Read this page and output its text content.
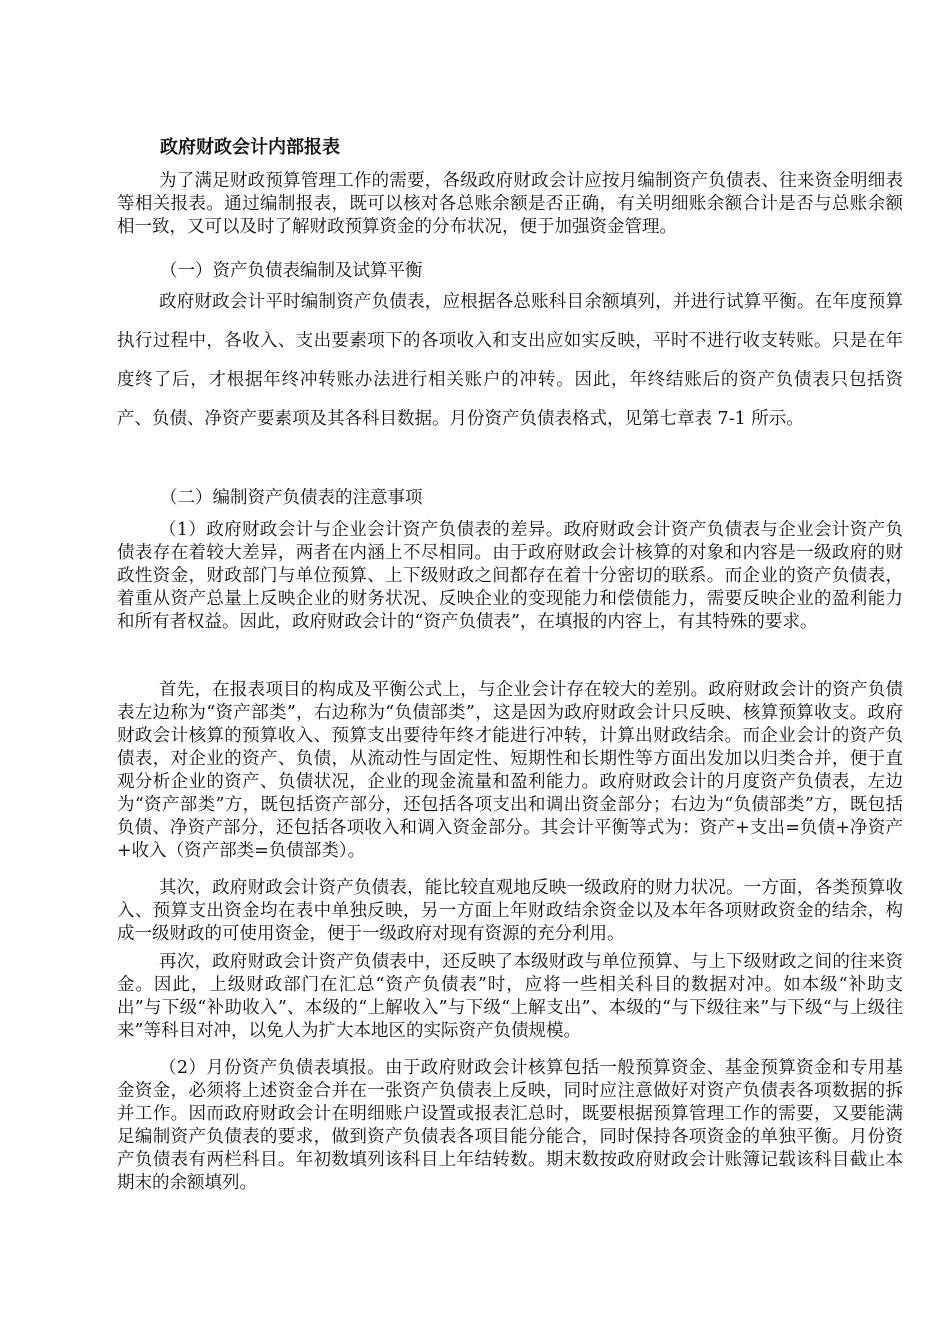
政府财政会计内部报表

为了满足财政预算管理工作的需要，各级政府财政会计应按月编制资产负债表、往来资金明细表等相关报表。通过编制报表，既可以核对各总账余额是否正确，有关明细账余额合计是否与总账余额相一致，又可以及时了解财政预算资金的分布状况，便于加强资金管理。

（一）资产负债表编制及试算平衡

政府财政会计平时编制资产负债表，应根据各总账科目余额填列，并进行试算平衡。在年度预算执行过程中，各收入、支出要素项下的各项收入和支出应如实反映，平时不进行收支转账。只是在年度终了后，才根据年终冲转账办法进行相关账户的冲转。因此，年终结账后的资产负债表只包括资产、负债、净资产要素项及其各科目数据。月份资产负债表格式，见第七章表 7-1 所示。

（二）编制资产负债表的注意事项

（1）政府财政会计与企业会计资产负债表的差异。政府财政会计资产负债表与企业会计资产负债表存在着较大差异，两者在内涵上不尽相同。由于政府财政会计核算的对象和内容是一级政府的财政性资金，财政部门与单位预算、上下级财政之间都存在着十分密切的联系。而企业的资产负债表，着重从资产总量上反映企业的财务状况、反映企业的变现能力和偿债能力，需要反映企业的盈利能力和所有者权益。因此，政府财政会计的“资产负债表”，在填报的内容上，有其特殊的要求。

首先，在报表项目的构成及平衡公式上，与企业会计存在较大的差别。政府财政会计的资产负债表左边称为“资产部类”，右边称为“负债部类”，这是因为政府财政会计只反映、核算预算收支。政府财政会计核算的预算收入、预算支出要待年终才能进行冲转，计算出财政结余。而企业会计的资产负债表，对企业的资产、负债，从流动性与固定性、短期性和长期性等方面出发加以归类合并，便于直观分析企业的资产、负债状况，企业的现金流量和盈利能力。政府财政会计的月度资产负债表，左边为“资产部类”方，既包括资产部分，还包括各项支出和调出资金部分；右边为“负债部类”方，既包括负债、净资产部分，还包括各项收入和调入资金部分。其会计平衡等式为：资产+支出=负债+净资产+收入（资产部类=负债部类）。

其次，政府财政会计资产负债表，能比较直观地反映一级政府的财力状况。一方面，各类预算收入、预算支出资金均在表中单独反映，另一方面上年财政结余资金以及本年各项财政资金的结余，构成一级财政的可使用资金，便于一级政府对现有资源的充分利用。

再次，政府财政会计资产负债表中，还反映了本级财政与单位预算、与上下级财政之间的往来资金。因此，上级财政部门在汇总“资产负债表”时，应将一些相关科目的数据对冲。如本级“补助支出”与下级“补助收入”、本级的“上解收入”与下级“上解支出”、本级的“与下级往来”与下级“与上级往来”等科目对冲，以免人为扩大本地区的实际资产负债规模。

（2）月份资产负债表填报。由于政府财政会计核算包括一般预算资金、基金预算资金和专用基金资金，必须将上述资金合并在一张资产负债表上反映，同时应注意做好对资产负债表各项数据的拆并工作。因而政府财政会计在明细账户设置或报表汇总时，既要根据预算管理工作的需要，又要能满足编制资产负债表的要求，做到资产负债表各项目能分能合，同时保持各项资金的单独平衡。月份资产负债表有两栏科目。年初数填列该科目上年结转数。期末数按政府财政会计账簿记载该科目截止本期末的余额填列。
